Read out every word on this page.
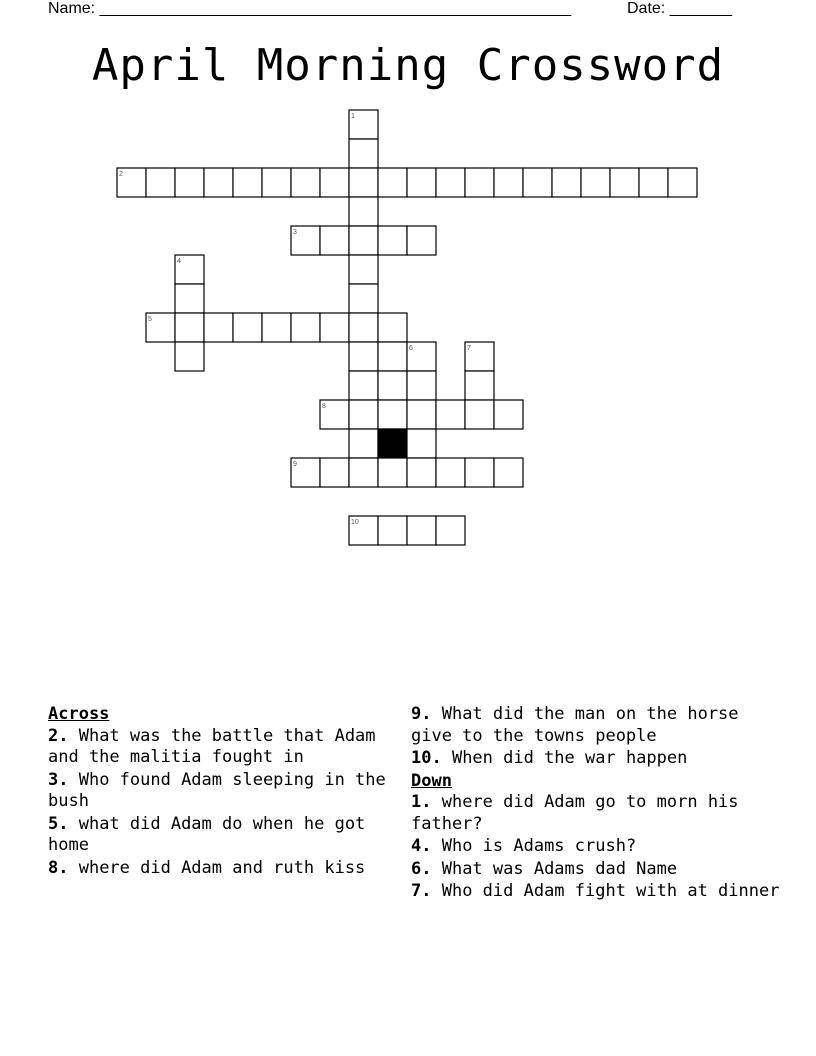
Name: _____________________________________________________	Date: _______
April Morning Crossword
1
2
3
4
5
6	7
8
9
10
Across
2. What was the battle that Adam and the malitia fought in
3. Who found Adam sleeping in the bush
5. what did Adam do when he got home
8. where did Adam and ruth kiss
9. What did the man on the horse give to the towns people
10. When did the war happen
Down
1. where did Adam go to morn his father?
4. Who is Adams crush?
6. What was Adams dad Name
7. Who did Adam fight with at dinner
